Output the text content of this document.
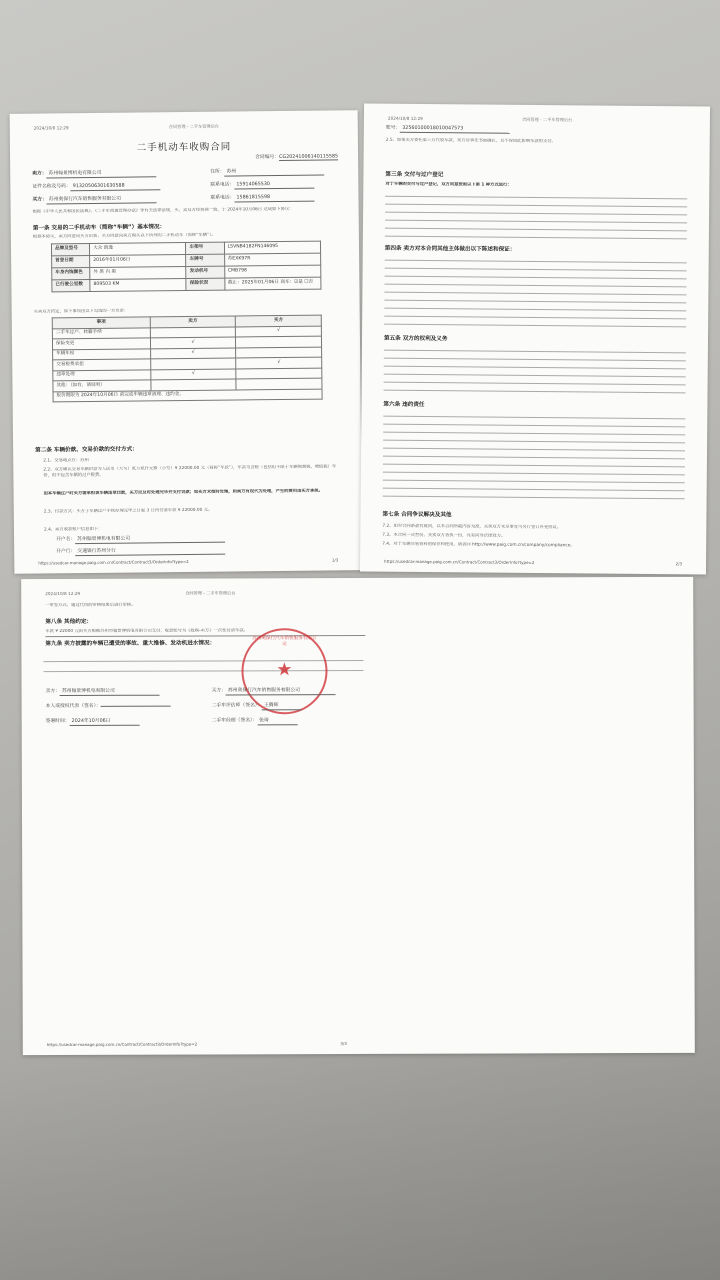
2024/10/8 12:29	合同管理 - 二手车管理后台
二手机动车收购合同
合同编号：CG20241006140115585
卖方： 苏州翰景博机电有限公司	住所： 苏州
证件名称及号码： 91320506301630588	联系电话： 15914065530
买方： 苏州奥保行汽车销售服务有限公司	联系电话： 15861815598
根据《中华人民共和国民法典》、《二手车流通管理办法》等有关法律法规，买、卖双方经协商一致，于 2024年10月06日 达成如下协议：
第一条 交易的二手机动车（简称“车辆”）基本情况：
根据本协议，卖方同意向买方出售、买方同意向卖方购买以下所列的二手机动车（简称“车辆”）。
品牌及型号	大众 朗逸	车架号	LSVNB4182FN146095
首登日期	2016年01月06日	车牌号	苏EXK97R
车身内饰颜色	外 黑 内 黑	发动机号	CMB798
已行驶公里数	809503 KM	保险状况	截止：2025年01月06日 商车：☑是 ☐否
买卖双方约定，如下事项由以下勾选的一方负责：
事项	卖方	买方
二手车过户、转籍手续		√
保险变更	√	
车辆年检	√	
交易税费承担		√
违章处理	√	
其他：（如有，请说明）		
报价期限为 2024年10月06日 前完成车辆违章清理、违约金。		
第二条 车辆价款、交易价款的交付方式：
2.1、交易地点在：苏州
2.2、双方确认交易车辆价款为人民币（大写）贰万贰仟元整（小写）¥ 22000.00 元（简称“车款”），车款为含税（包括但不限于车辆购置税、增值税）车价，但不包含车辆的过户税费。
如本车辆过户时买方需承担该车辆违章罚款，买方应及时处理完毕并支付罚款；如买方未按时处理，则卖方有权代为处理，产生的费用由买方承担。
2.3、付款方式：买方于车辆过户手续办理完毕之日起 3 日内付清车款 ¥ 22000.00 元。
2.4、卖方收款账户信息如下：
开户名： 苏州翰景博机电有限公司
开户行： 交通银行苏州分行
https://usedcar-manage.paig.com.cn/Contract/Contract3/OrderInfo?type=2	1/3
2024/10/8 12:29	合同管理 - 二手车管理后台
账号： 32560100018010047573
2.5、如果买方委托第三方代收车款，卖方应事先书面确认，且不得因此影响车款的支付。
第三条 交付与过户登记
对于车辆的交付与过户登记，双方同意按照以下第 1 种方式进行：
第四条 卖方对本合同其他主体做出以下陈述和保证：
第五条 双方的权利及义务
第六条 违约责任
第七条 合同争议解决及其他
7.2、如对合同条款有疑问，以本合同所载内容为准，买卖双方未尽事宜可另行签订补充协议。
7.3、本合同一式叁份，买卖双方各执一份，具有同等法律效力。
7.4、对于车辆交易资料的保存和使用，请访问 http://www.paig.com.cn/company/compliance。
https://usedcar-manage.paig.com.cn/Contract/Contract3/OrderInfo?type=2	2/3
2024/10/8 12:29	合同管理 - 二手车管理后台
一审签方式，通过代用的审核结果后进行审核。
第八条 其他约定：
车款 ¥ 22000 元由买方根据苏州市翰景博机电有限公司支付，收款账号为《收购-卖方》一次性付清车款。
第九条 卖方披露的车辆已遭受的事故、重大维修、发动机进水情况：
苏州奥保行汽车销售服务有限公司
★
卖方： 苏州翰景博机电有限公司
本人或授权代表（签名）：
签署时间： 2024年10月06日
买方： 苏州奥保行汽车销售服务有限公司
二手车评估师（签名）： 王腾辉
二手车经理（签名）： 张琦
https://usedcar-manage.paig.com.cn/Contract/Contract3/OrderInfo?type=2	3/3
